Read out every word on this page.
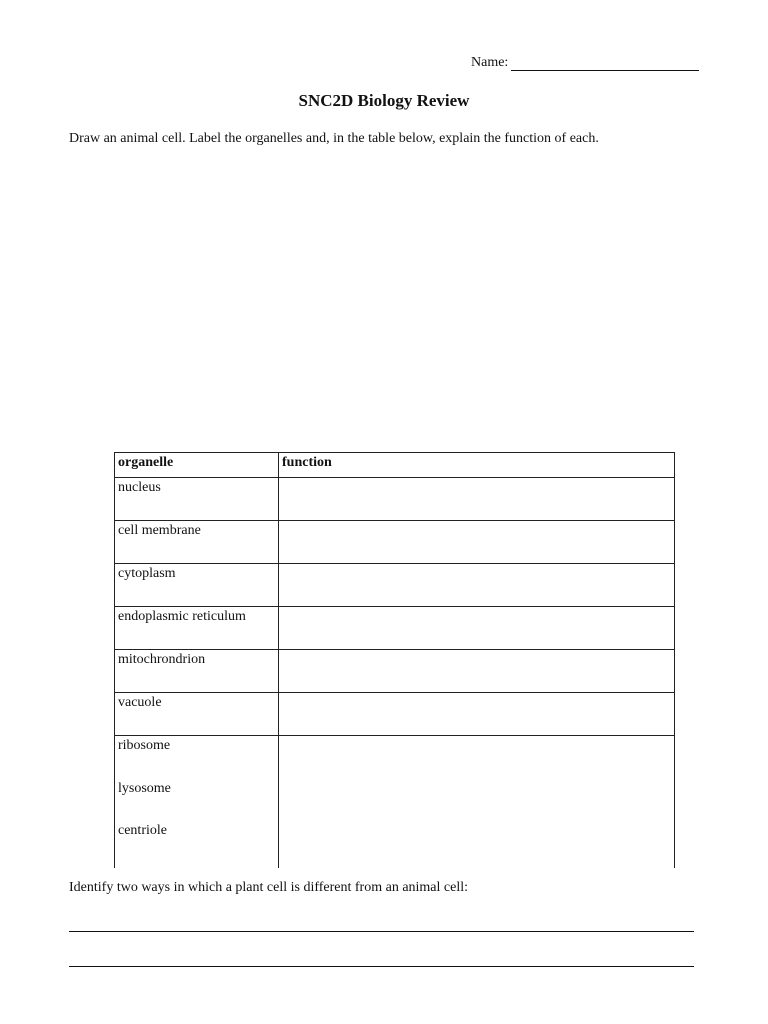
Name:
SNC2D Biology Review
Draw an animal cell. Label the organelles and, in the table below, explain the function of each.
organelle	function
nucleus	
cell membrane	
cytoplasm	
endoplasmic reticulum	
mitochrondrion	
vacuole	

ribosome
lysosome
centriole	

Identify two ways in which a plant cell is different from an animal cell:
